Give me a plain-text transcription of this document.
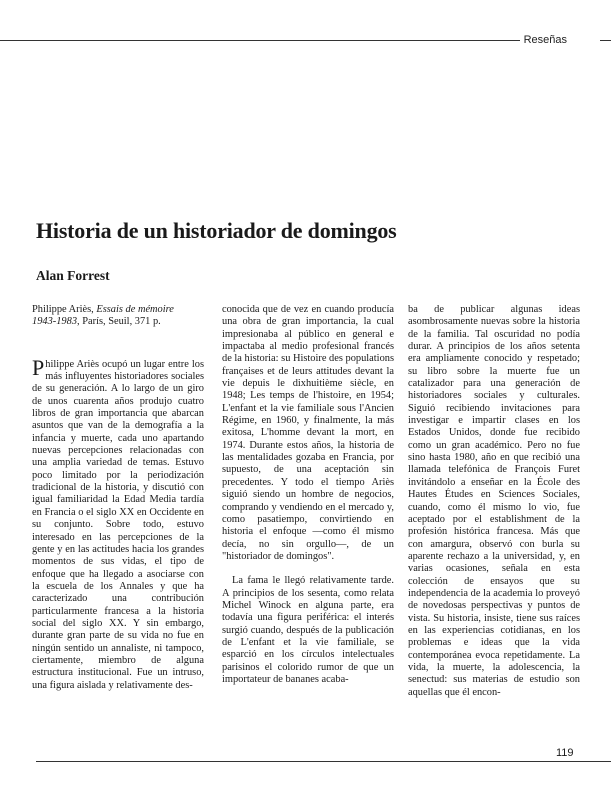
Reseñas
Historia de un historiador de domingos
Alan Forrest
Philippe Ariès, Essais de mémoire
1943-1983, París, Seuil, 371 p.

Philippe Ariès ocupó un lugar entre los más influyentes historiadores sociales de su generación. A lo largo de un giro de unos cuarenta años produjo cuatro libros de gran importancia que abarcan asuntos que van de la demografía a la infancia y muerte, cada uno apartando nuevas percepciones relacionadas con una amplia variedad de temas. Estuvo poco limitado por la periodización tradicional de la historia, y discutió con igual familiaridad la Edad Media tardía en Francia o el siglo XX en Occidente en su conjunto. Sobre todo, estuvo interesado en las percepciones de la gente y en las actitudes hacia los grandes momentos de sus vidas, el tipo de enfoque que ha llegado a asociarse con la escuela de los Annales y que ha caracterizado una contribución particularmente francesa a la historia social del siglo XX. Y sin embargo, durante gran parte de su vida no fue en ningún sentido un annaliste, ni tampoco, ciertamente, miembro de alguna estructura institucional. Fue un intruso, una figura aislada y relativamente des-

conocida que de vez en cuando producía una obra de gran importancia, la cual impresionaba al público en general e impactaba al medio profesional francés de la historia: su Histoire des populations françaises et de leurs attitudes devant la vie depuis le dixhuitième siècle, en 1948; Les temps de l'histoire, en 1954; L'enfant et la vie familiale sous l'Ancien Régime, en 1960, y finalmente, la más exitosa, L'homme devant la mort, en 1974. Durante estos años, la historia de las mentalidades gozaba en Francia, por supuesto, de una aceptación sin precedentes. Y todo el tiempo Ariès siguió siendo un hombre de negocios, comprando y vendiendo en el mercado y, como pasatiempo, convirtiendo en historia el enfoque —como él mismo decía, no sin orgullo—, de un "historiador de domingos".

La fama le llegó relativamente tarde. A principios de los sesenta, como relata Michel Winock en alguna parte, era todavía una figura periférica: el interés surgió cuando, después de la publicación de L'enfant et la vie familiale, se esparció en los círculos intelectuales parisinos el colorido rumor de que un importateur de bananes acaba-

ba de publicar algunas ideas asombrosamente nuevas sobre la historia de la familia. Tal oscuridad no podía durar. A principios de los años setenta era ampliamente conocido y respetado; su libro sobre la muerte fue un catalizador para una generación de historiadores sociales y culturales. Siguió recibiendo invitaciones para investigar e impartir clases en los Estados Unidos, donde fue recibido como un gran académico. Pero no fue sino hasta 1980, año en que recibió una llamada telefónica de François Furet invitándolo a enseñar en la École des Hautes Études en Sciences Sociales, cuando, como él mismo lo vio, fue aceptado por el establishment de la profesión histórica francesa. Más que con amargura, observó con burla su aparente rechazo a la universidad, y, en varias ocasiones, señala en esta colección de ensayos que su independencia de la academia lo proveyó de novedosas perspectivas y puntos de vista. Su historia, insiste, tiene sus raíces en las experiencias cotidianas, en los problemas e ideas que la vida contemporánea evoca repetidamente. La vida, la muerte, la adolescencia, la senectud: sus materias de estudio son aquellas que él encon-

119
